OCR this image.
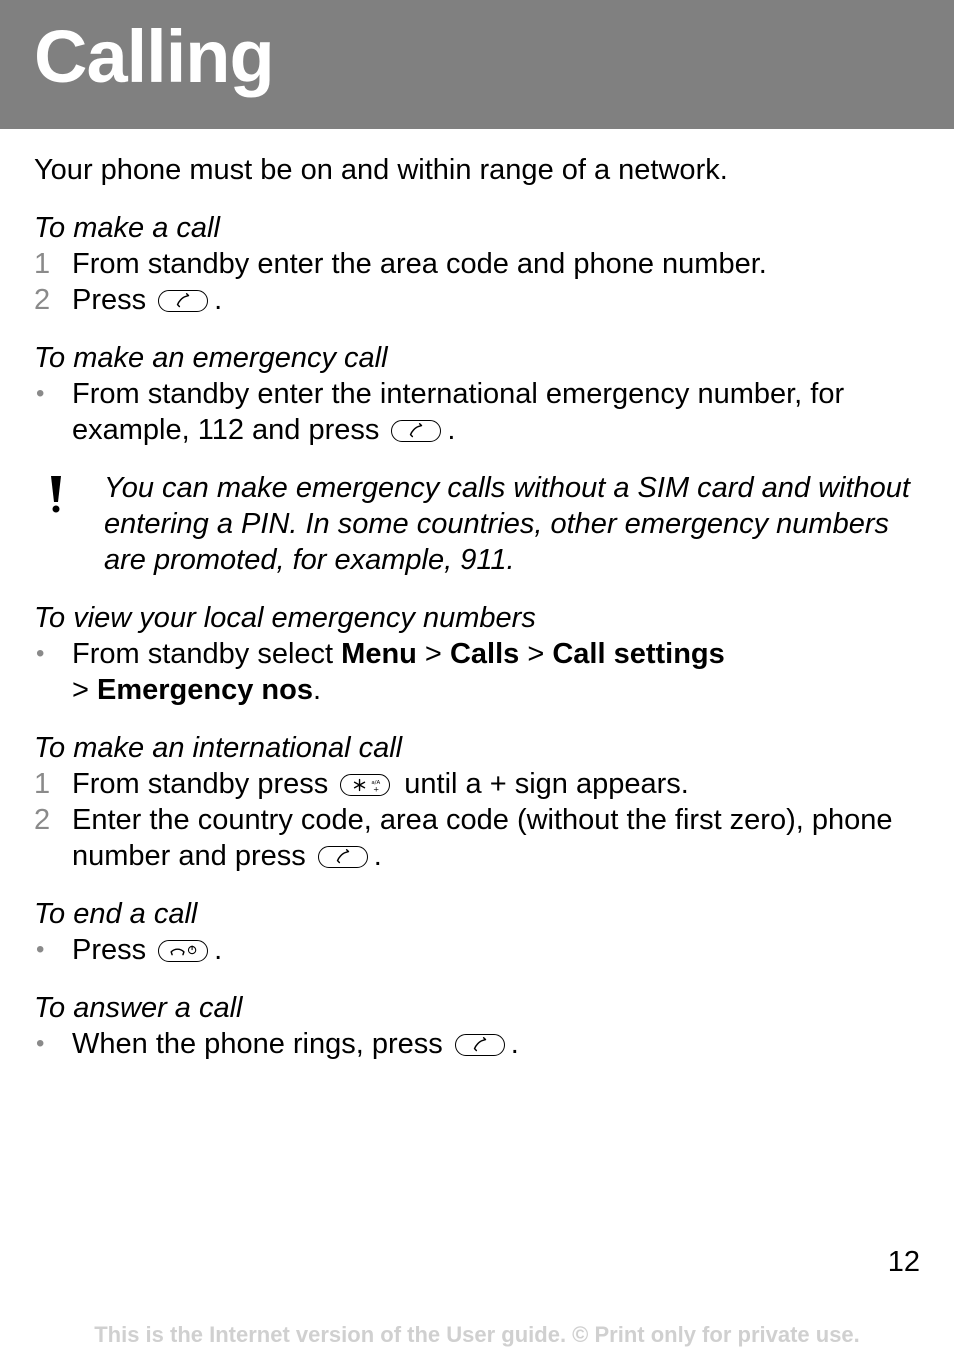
Calling

Your phone must be on and within range of a network.

To make a call
1 From standby enter the area code and phone number.
2 Press .
To make an emergency call
• From standby enter the international emergency number, for example, 112 and press .
You can make emergency calls without a SIM card and without entering a PIN. In some countries, other emergency numbers are promoted, for example, 911.
To view your local emergency numbers
• From standby select Menu > Calls > Call settings
> Emergency nos.
To make an international call
1 From standby press	a/A
+ until a + sign appears.
2 Enter the country code, area code (without the first zero), phone number and press .
To end a call
• Press .
To answer a call
• When the phone rings, press .
12
This is the Internet version of the User guide. © Print only for private use.
